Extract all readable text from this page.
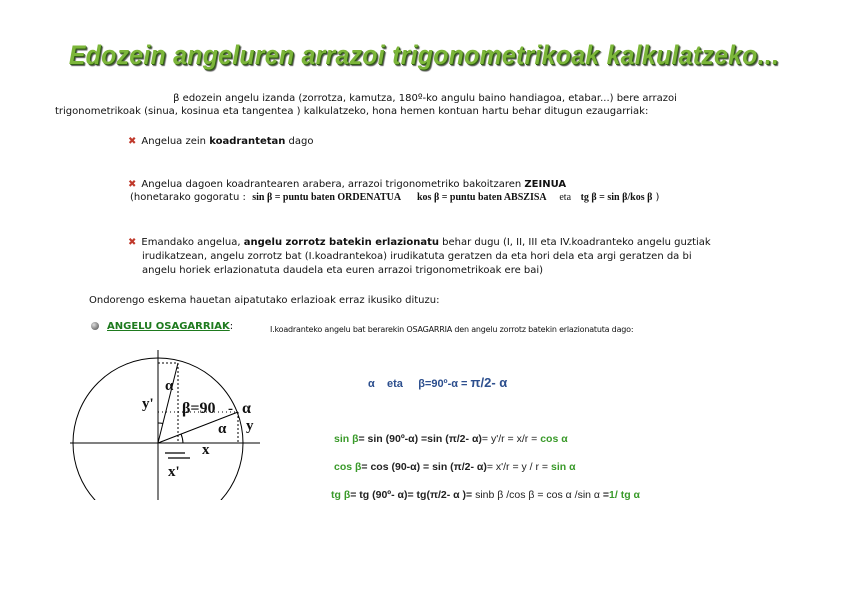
Edozein angeluren arrazoi trigonometrikoak kalkulatzeko...
β edozein angelu izanda (zorrotza, kamutza, 180º-ko angulu baino handiagoa, etabar...) bere arrazoi
trigonometrikoak (sinua, kosinua eta tangentea ) kalkulatzeko, hona hemen kontuan hartu behar ditugun ezaugarriak:
✖ Angelua zein koadrantetan dago
✖ Angelua dagoen koadrantearen arabera, arrazoi trigonometriko bakoitzaren ZEINUA
(honetarako gogoratu : sin β = puntu baten ORDENATUA kos β = puntu baten ABSZISA eta tg β = sin β/kos β )
✖ Emandako angelua, angelu zorrotz batekin erlazionatu behar dugu (I, II, III eta IV.koadranteko angelu guztiak
irudikatzean, angelu zorrotz bat (I.koadrantekoa) irudikatuta geratzen da eta hori dela eta argi geratzen da bi
angelu horiek erlazionatuta daudela eta euren arrazoi trigonometrikoak ere bai)
Ondorengo eskema hauetan aipatutako erlazioak erraz ikusiko dituzu:
ANGELU OSAGARRIAK:	I.koadranteko angelu bat berarekin OSAGARRIA den angelu zorrotz batekin erlazionatuta dago:
α
y' β=90 - α
α y
x
x'
α eta β=90º-α = π/2- α
sin β= sin (90º-α) =sin (π/2- α)= y'/r = x/r = cos α
cos β= cos (90-α) = sin (π/2- α)= x'/r = y / r = sin α
tg β= tg (90º- α)= tg(π/2- α )= sinb β /cos β = cos α /sin α =1/ tg α
